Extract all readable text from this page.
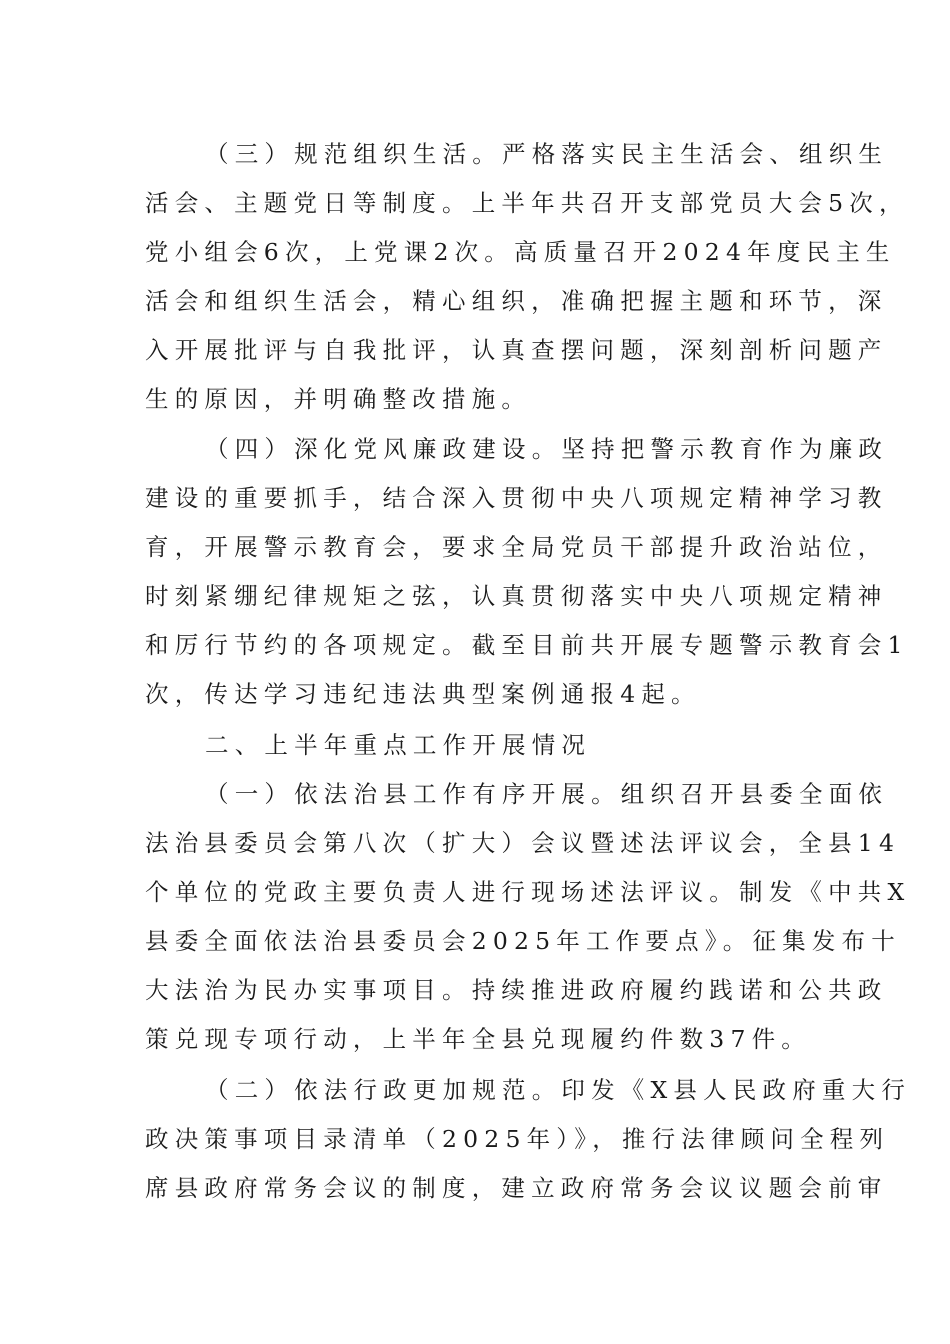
（三）规范组织生活。严格落实民主生活会、组织生
活会、主题党日等制度。上半年共召开支部党员大会5次，
党小组会6次，上党课2次。高质量召开2024年度民主生
活会和组织生活会，精心组织，准确把握主题和环节，深
入开展批评与自我批评，认真查摆问题，深刻剖析问题产
生的原因，并明确整改措施。
（四）深化党风廉政建设。坚持把警示教育作为廉政
建设的重要抓手，结合深入贯彻中央八项规定精神学习教
育，开展警示教育会，要求全局党员干部提升政治站位，
时刻紧绷纪律规矩之弦，认真贯彻落实中央八项规定精神
和厉行节约的各项规定。截至目前共开展专题警示教育会1
次，传达学习违纪违法典型案例通报4起。
二、上半年重点工作开展情况
（一）依法治县工作有序开展。组织召开县委全面依
法治县委员会第八次（扩大）会议暨述法评议会，全县14
个单位的党政主要负责人进行现场述法评议。制发《中共X
县委全面依法治县委员会2025年工作要点》。征集发布十
大法治为民办实事项目。持续推进政府履约践诺和公共政
策兑现专项行动，上半年全县兑现履约件数37件。
（二）依法行政更加规范。印发《X县人民政府重大行
政决策事项目录清单（2025年）》，推行法律顾问全程列
席县政府常务会议的制度，建立政府常务会议议题会前审
